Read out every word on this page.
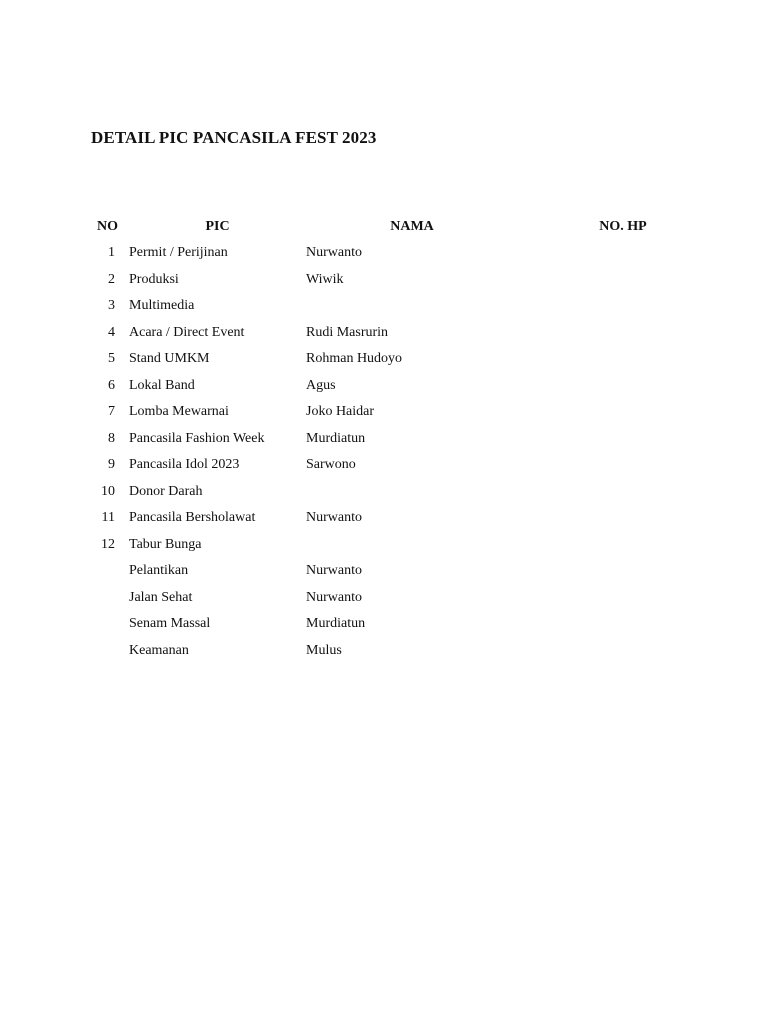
DETAIL PIC PANCASILA FEST 2023
NO	PIC	NAMA	NO. HP
1	Permit / Perijinan	Nurwanto	
2	Produksi	Wiwik	
3	Multimedia		
4	Acara / Direct Event	Rudi Masrurin	
5	Stand UMKM	Rohman Hudoyo	
6	Lokal Band	Agus	
7	Lomba Mewarnai	Joko Haidar	
8	Pancasila Fashion Week	Murdiatun	
9	Pancasila Idol 2023	Sarwono	
10	Donor Darah		
11	Pancasila Bersholawat	Nurwanto	
12	Tabur Bunga		
	Pelantikan	Nurwanto	
	Jalan Sehat	Nurwanto	
	Senam Massal	Murdiatun	
	Keamanan	Mulus	
